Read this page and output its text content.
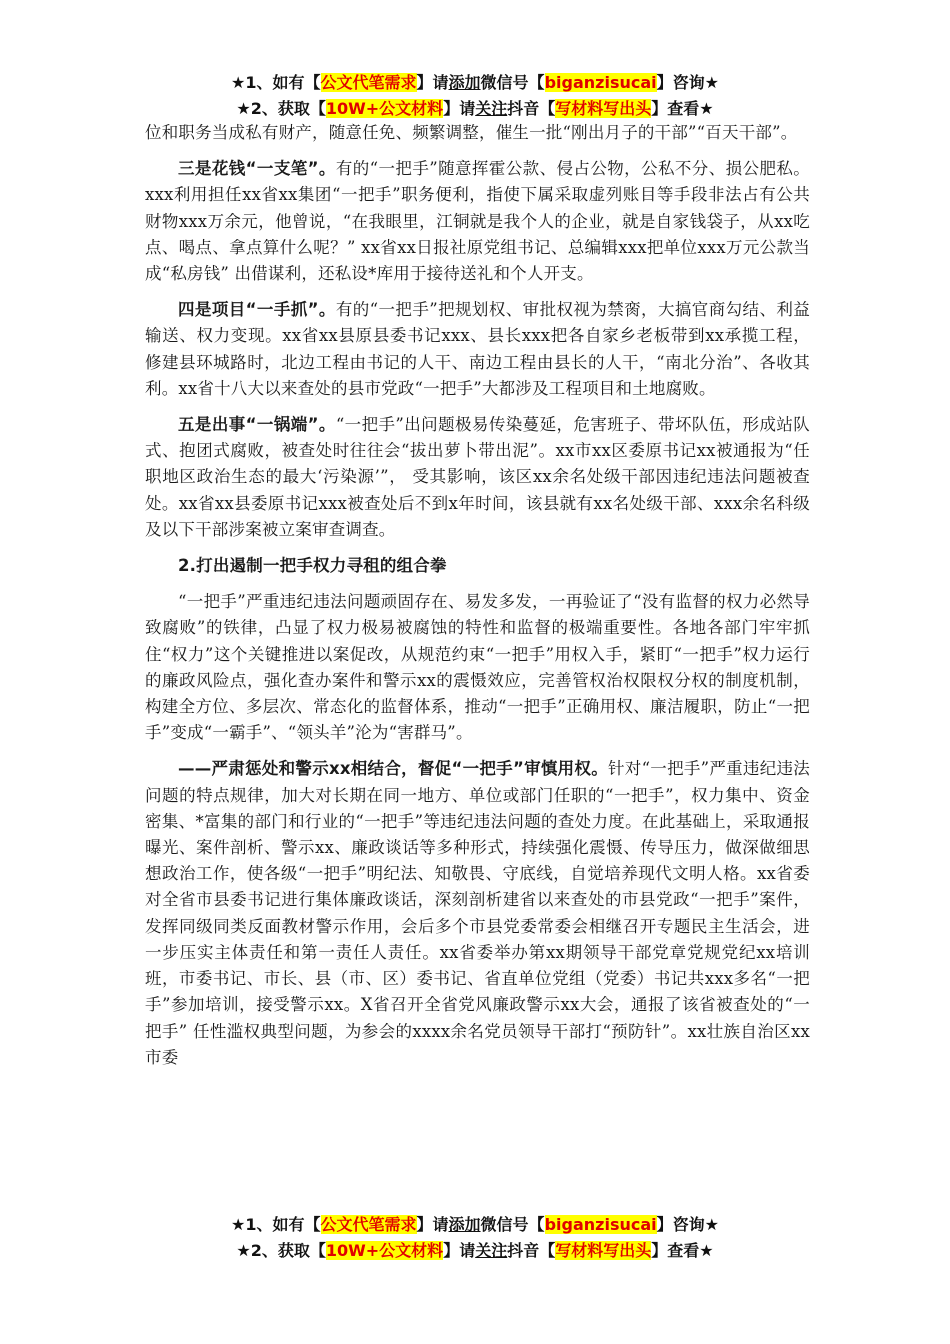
★1、如有【公文代笔需求】请添加微信号【biganzisucai】咨询★
★2、获取【10W+公文材料】请关注抖音【写材料写出头】查看★

位和职务当成私有财产，随意任免、频繁调整，催生一批“刚出月子的干部”“百天干部”。

三是花钱“一支笔”。有的“一把手”随意挥霍公款、侵占公物，公私不分、损公肥私。xxx利用担任xx省xx集团“一把手”职务便利，指使下属采取虚列账目等手段非法占有公共财物xxx万余元，他曾说，“在我眼里，江铜就是我个人的企业，就是自家钱袋子，从xx吃点、喝点、拿点算什么呢？” xx省xx日报社原党组书记、总编辑xxx把单位xxx万元公款当成“私房钱” 出借谋利，还私设*库用于接待送礼和个人开支。

四是项目“一手抓”。有的“一把手”把规划权、审批权视为禁脔，大搞官商勾结、利益输送、权力变现。xx省xx县原县委书记xxx、县长xxx把各自家乡老板带到xx承揽工程，修建县环城路时，北边工程由书记的人干、南边工程由县长的人干，“南北分治”、各收其利。xx省十八大以来查处的县市党政“一把手”大都涉及工程项目和土地腐败。

五是出事“一锅端”。“一把手”出问题极易传染蔓延，危害班子、带坏队伍，形成站队式、抱团式腐败，被查处时往往会“拔出萝卜带出泥”。xx市xx区委原书记xx被通报为“任职地区政治生态的最大‘污染源’”， 受其影响，该区xx余名处级干部因违纪违法问题被查处。xx省xx县委原书记xxx被查处后不到x年时间，该县就有xx名处级干部、xxx余名科级及以下干部涉案被立案审查调查。

2.打出遏制一把手权力寻租的组合拳

“一把手”严重违纪违法问题顽固存在、易发多发，一再验证了“没有监督的权力必然导致腐败”的铁律，凸显了权力极易被腐蚀的特性和监督的极端重要性。各地各部门牢牢抓住“权力”这个关键推进以案促改，从规范约束“一把手”用权入手，紧盯“一把手”权力运行的廉政风险点，强化查办案件和警示xx的震慑效应，完善管权治权限权分权的制度机制，构建全方位、多层次、常态化的监督体系，推动“一把手”正确用权、廉洁履职，防止“一把手”变成“一霸手”、“领头羊”沦为“害群马”。

——严肃惩处和警示xx相结合，督促“一把手”审慎用权。针对“一把手”严重违纪违法问题的特点规律，加大对长期在同一地方、单位或部门任职的“一把手”，权力集中、资金密集、*富集的部门和行业的“一把手”等违纪违法问题的查处力度。在此基础上，采取通报曝光、案件剖析、警示xx、廉政谈话等多种形式，持续强化震慑、传导压力，做深做细思想政治工作，使各级“一把手”明纪法、知敬畏、守底线，自觉培养现代文明人格。xx省委对全省市县委书记进行集体廉政谈话，深刻剖析建省以来查处的市县党政“一把手”案件，发挥同级同类反面教材警示作用，会后多个市县党委常委会相继召开专题民主生活会，进一步压实主体责任和第一责任人责任。xx省委举办第xx期领导干部党章党规党纪xx培训班，市委书记、市长、县（市、区）委书记、省直单位党组（党委）书记共xxx多名“一把手”参加培训，接受警示xx。X省召开全省党风廉政警示xx大会，通报了该省被查处的“一把手” 任性滥权典型问题，为参会的xxxx余名党员领导干部打“预防针”。xx壮族自治区xx市委

★1、如有【公文代笔需求】请添加微信号【biganzisucai】咨询★
★2、获取【10W+公文材料】请关注抖音【写材料写出头】查看★
